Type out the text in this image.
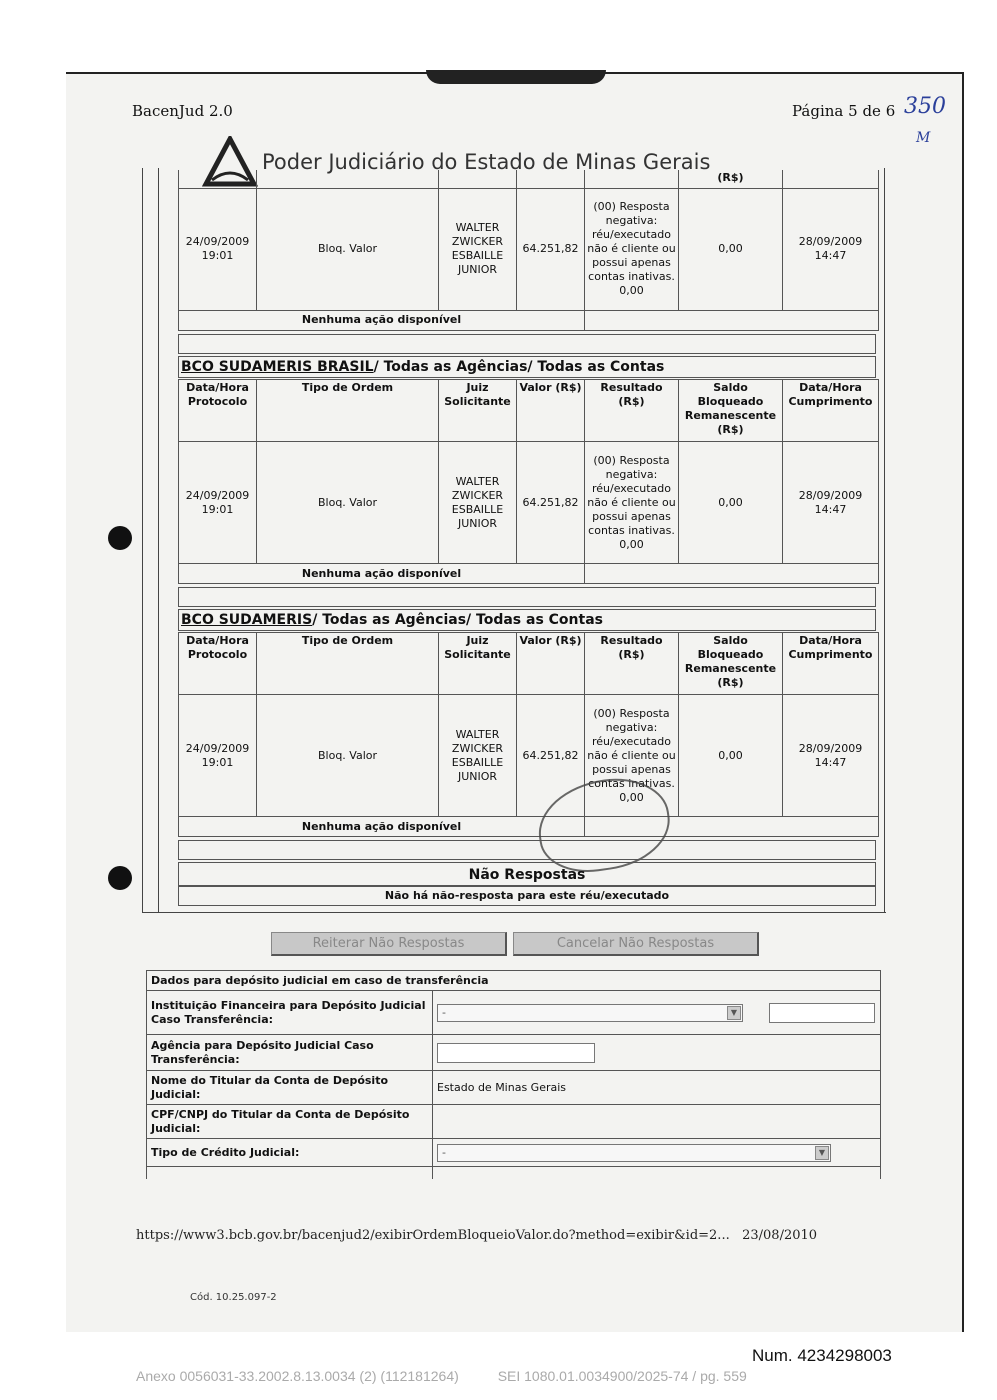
BacenJud 2.0	Página 5 de 6 350
M
Poder Judiciário do Estado de Minas Gerais
					(R$)	
24/09/2009 19:01	Bloq. Valor	WALTER ZWICKER ESBAILLE JUNIOR	64.251,82	(00) Resposta negativa: réu/executado não é cliente ou possui apenas contas inativas. 0,00	0,00	28/09/2009 14:47
Nenhuma ação disponível						
BCO SUDAMERIS BRASIL/ Todas as Agências/ Todas as Contas
Data/Hora Protocolo	Tipo de Ordem	Juiz Solicitante	Valor (R$)	Resultado (R$)	Saldo Bloqueado Remanescente (R$)	Data/Hora Cumprimento
24/09/2009 19:01	Bloq. Valor	WALTER ZWICKER ESBAILLE JUNIOR	64.251,82	(00) Resposta negativa: réu/executado não é cliente ou possui apenas contas inativas. 0,00	0,00	28/09/2009 14:47
Nenhuma ação disponível						
BCO SUDAMERIS/ Todas as Agências/ Todas as Contas
Data/Hora Protocolo	Tipo de Ordem	Juiz Solicitante	Valor (R$)	Resultado (R$)	Saldo Bloqueado Remanescente (R$)	Data/Hora Cumprimento
24/09/2009 19:01	Bloq. Valor	WALTER ZWICKER ESBAILLE JUNIOR	64.251,82	(00) Resposta negativa: réu/executado não é cliente ou possui apenas contas inativas. 0,00	0,00	28/09/2009 14:47
Nenhuma ação disponível						
Não Respostas
Não há não-resposta para este réu/executado
Reiterar Não Respostas	Cancelar Não Respostas
Dados para depósito judicial em caso de transferência	
Instituição Financeira para Depósito Judicial Caso Transferência:	- ▼

Agência para Depósito Judicial Caso Transferência:	
Nome do Titular da Conta de Depósito Judicial:	Estado de Minas Gerais
CPF/CNPJ do Titular da Conta de Depósito Judicial:	
Tipo de Crédito Judicial:	- ▼

https://www3.bcb.gov.br/bacenjud2/exibirOrdemBloqueioValor.do?method=exibir&id=2... 23/08/2010
Cód. 10.25.097-2
Num. 4234298003
Anexo 0056031-33.2002.8.13.0034 (2) (112181264)	SEI 1080.01.0034900/2025-74 / pg. 559
